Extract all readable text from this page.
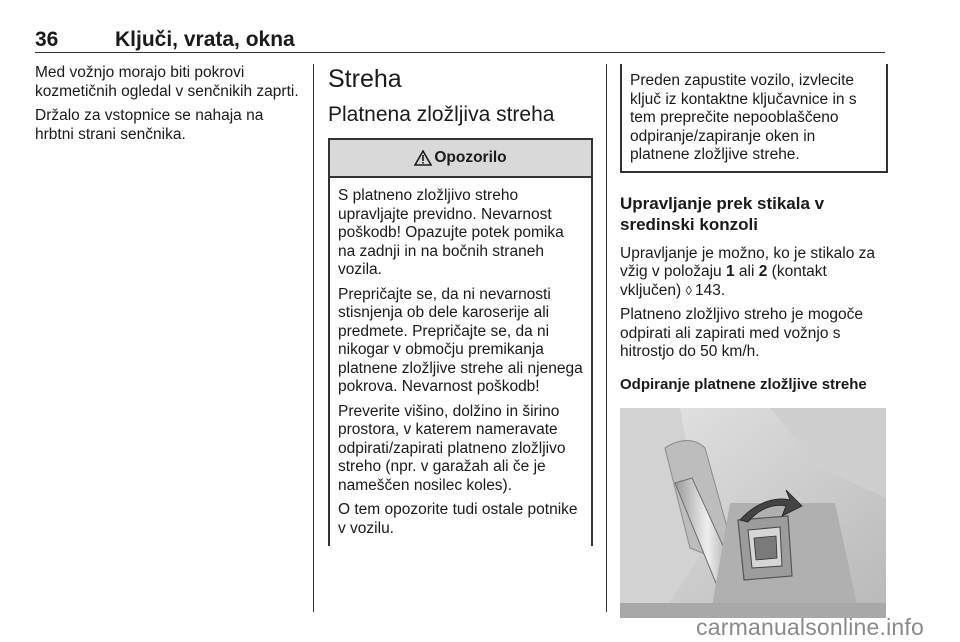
36	Ključi, vrata, okna

Med vožnjo morajo biti pokrovi kozmetičnih ogledal v senčnikih zaprti.

Držalo za vstopnice se nahaja na hrbtni strani senčnika.

Streha
Platnena zložljiva streha
Opozorilo

S platneno zložljivo streho upravljajte previdno. Nevarnost poškodb! Opazujte potek pomika na zadnji in na bočnih straneh vozila.

Prepričajte se, da ni nevarnosti stisnjenja ob dele karoserije ali predmete. Prepričajte se, da ni nikogar v območju premikanja platnene zložljive strehe ali njenega pokrova. Nevarnost poškodb!

Preverite višino, dolžino in širino prostora, v katerem nameravate odpirati/zapirati platneno zložljivo streho (npr. v garažah ali če je nameščen nosilec koles).

O tem opozorite tudi ostale potnike v vozilu.

Preden zapustite vozilo, izvlecite ključ iz kontaktne ključavnice in s tem preprečite nepooblaščeno odpiranje/zapiranje oken in platnene zložljive strehe.

Upravljanje prek stikala v sredinski konzoli

Upravljanje je možno, ko je stikalo za vžig v položaju 1 ali 2 (kontakt vključen) ◊  143.

Platneno zložljivo streho je mogoče odpirati ali zapirati med vožnjo s hitrostjo do 50 km/h.

Odpiranje platnene zložljive strehe
carmanualsonline.info
